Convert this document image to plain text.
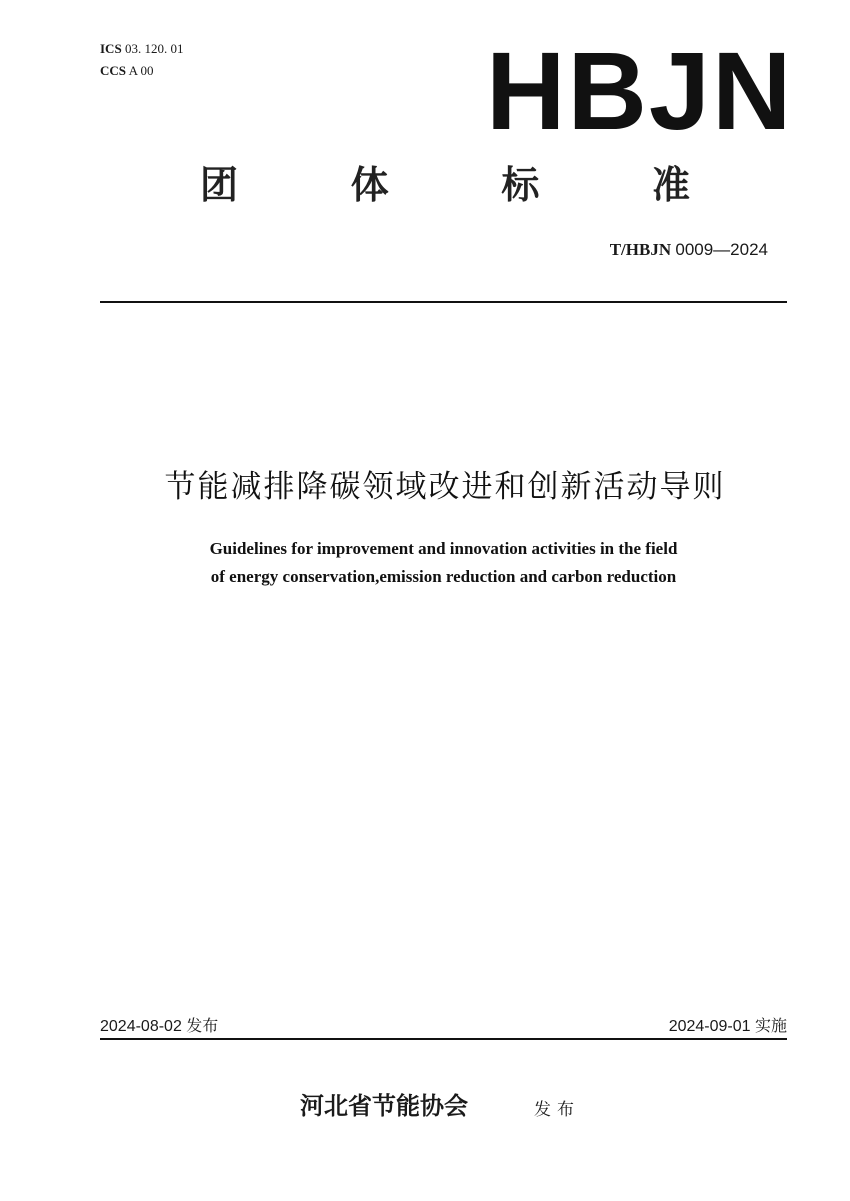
ICS 03. 120. 01
CCS A 00	HBJN
团	体	标	准
T/HBJN 0009—2024
节能减排降碳领域改进和创新活动导则
Guidelines for improvement and innovation activities in the field
of energy conservation,emission reduction and carbon reduction
2024-08-02 发布	2024-09-01 实施
河北省节能协会	发布
